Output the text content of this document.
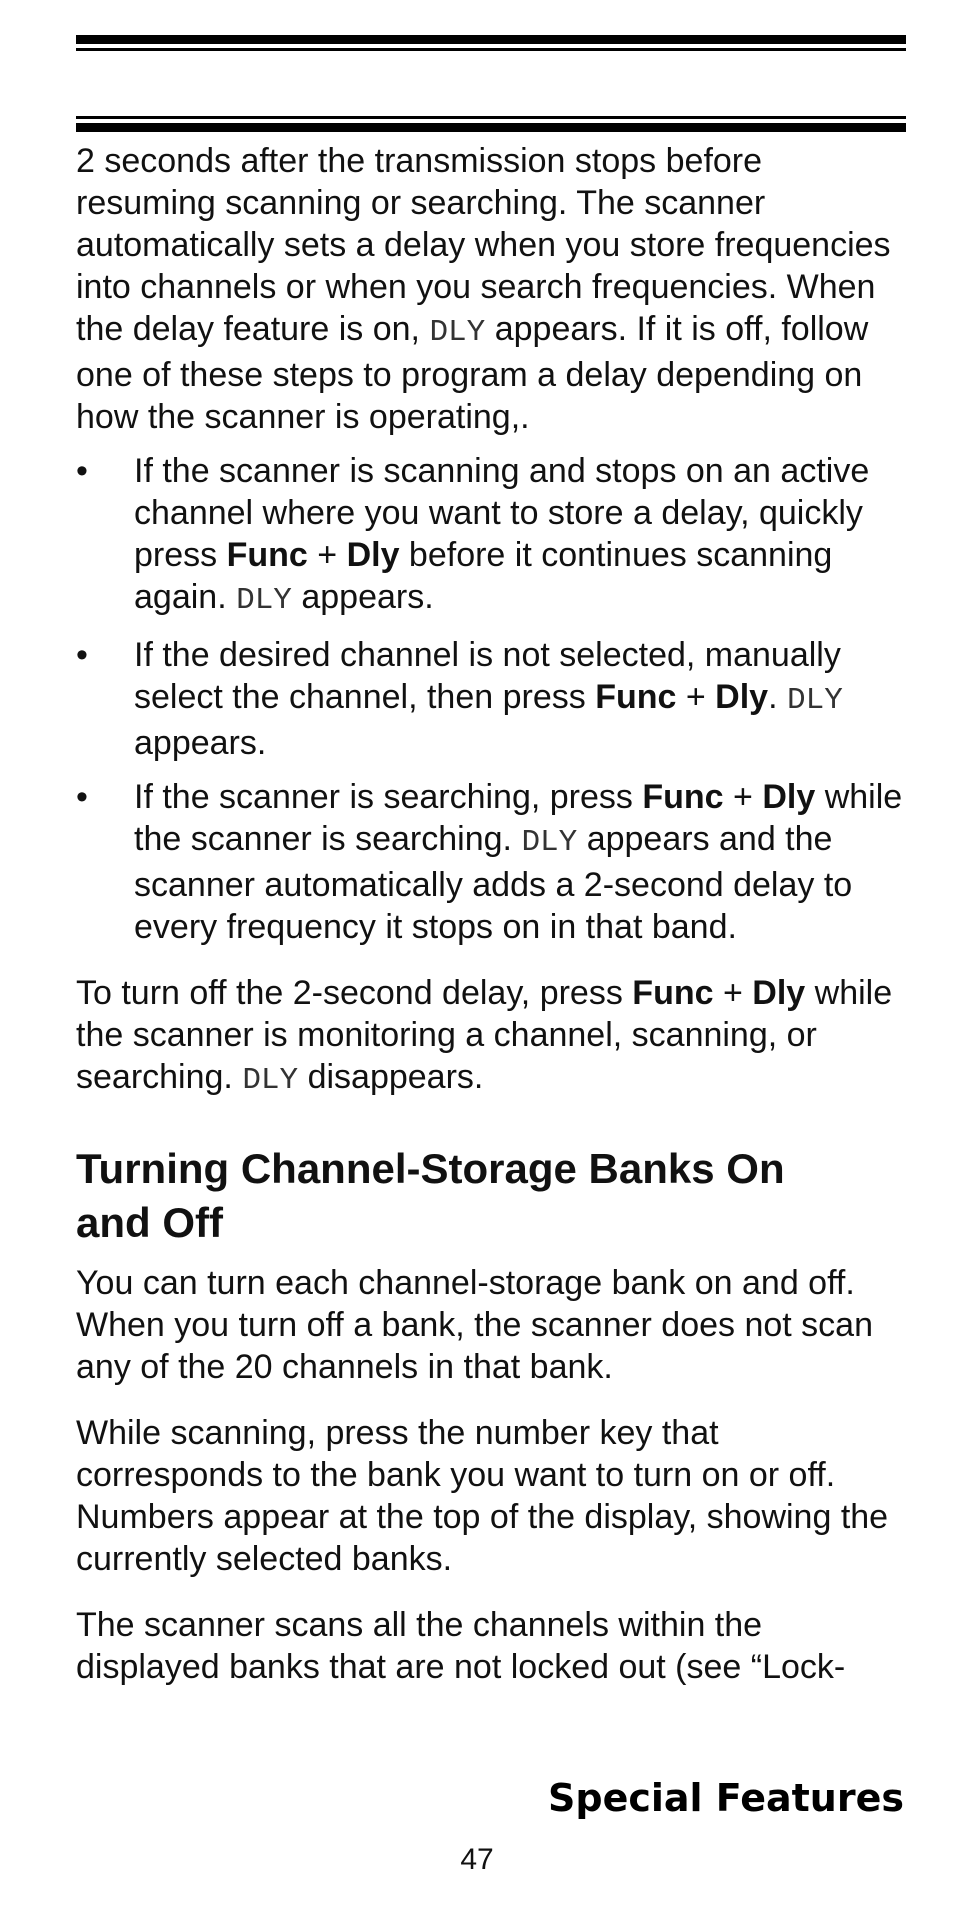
2 seconds after the transmission stops before resuming scanning or searching. The scanner automatically sets a delay when you store frequencies into channels or when you search frequencies. When the delay feature is on, DLY appears. If it is off, follow one of these steps to program a delay depending on how the scanner is operating,.

• If the scanner is scanning and stops on an active channel where you want to store a delay, quickly press Func + Dly before it continues scanning again. DLY appears.
• If the desired channel is not selected, manually select the channel, then press Func + Dly. DLY appears.
• If the scanner is searching, press Func + Dly while the scanner is searching. DLY appears and the scanner automatically adds a 2-second delay to every frequency it stops on in that band.

To turn off the 2-second delay, press Func + Dly while the scanner is monitoring a channel, scanning, or searching. DLY disappears.

Turning Channel-Storage Banks On and Off

You can turn each channel-storage bank on and off. When you turn off a bank, the scanner does not scan any of the 20 channels in that bank.

While scanning, press the number key that corresponds to the bank you want to turn on or off. Numbers appear at the top of the display, showing the currently selected banks.

The scanner scans all the channels within the displayed banks that are not locked out (see “Lock-

Special Features
47
